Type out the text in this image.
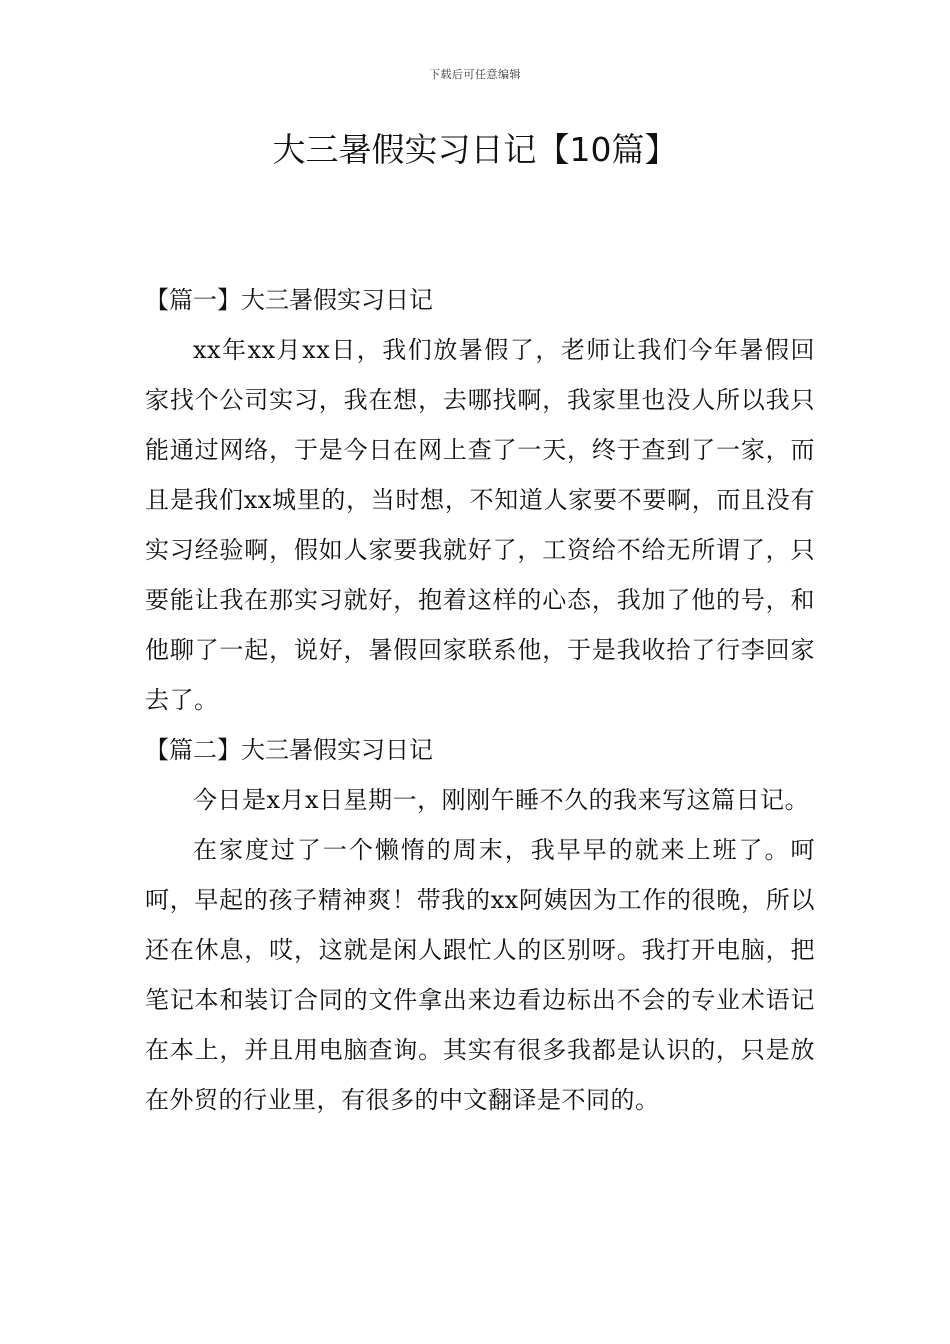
下载后可任意编辑
大三暑假实习日记【10篇】

【篇一】大三暑假实习日记

xx年xx月xx日，我们放暑假了，老师让我们今年暑假回家找个公司实习，我在想，去哪找啊，我家里也没人所以我只能通过网络，于是今日在网上查了一天，终于查到了一家，而且是我们xx城里的，当时想，不知道人家要不要啊，而且没有实习经验啊，假如人家要我就好了，工资给不给无所谓了，只要能让我在那实习就好，抱着这样的心态，我加了他的号，和他聊了一起，说好，暑假回家联系他，于是我收拾了行李回家去了。

【篇二】大三暑假实习日记

今日是x月x日星期一，刚刚午睡不久的我来写这篇日记。

在家度过了一个懒惰的周末，我早早的就来上班了。呵呵，早起的孩子精神爽！带我的xx阿姨因为工作的很晚，所以还在休息，哎，这就是闲人跟忙人的区别呀。我打开电脑，把笔记本和装订合同的文件拿出来边看边标出不会的专业术语记在本上，并且用电脑查询。其实有很多我都是认识的，只是放在外贸的行业里，有很多的中文翻译是不同的。
